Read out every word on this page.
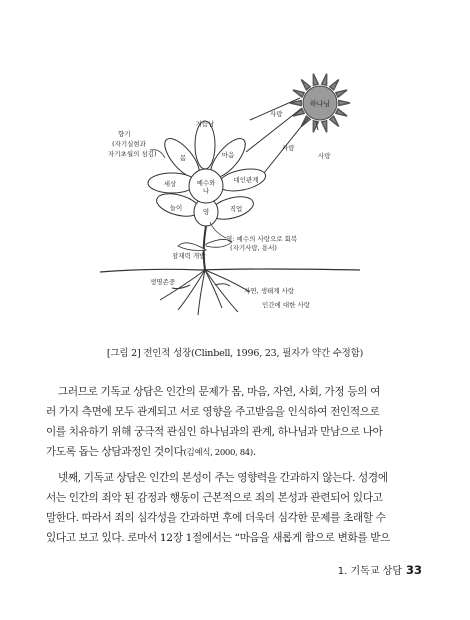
하나님
사랑
사랑
사랑
거듭남
마음
대인관계
직업
영
놀이
세상
몸
예수와 나
향기
(자기실현과
자기초월의 섬김)
영: 예수의 사랑으로 회복
(자기사랑, 용서)
잠재력 개발
생명존중
자연, 생태계 사랑
인간에 대한 사랑
[그림 2] 전인적 성장(Clinbell, 1996, 23, 필자가 약간 수정함)
그러므로 기독교 상담은 인간의 문제가 몸, 마음, 자연, 사회, 가정 등의 여
러 가지 측면에 모두 관계되고 서로 영향을 주고받음을 인식하여 전인적으로
이를 치유하기 위해 궁극적 관심인 하나님과의 관계, 하나님과 만남으로 나아
가도록 돕는 상담과정인 것이다(김예식, 2000, 84).
넷째, 기독교 상담은 인간의 본성이 주는 영향력을 간과하지 않는다. 성경에
서는 인간의 죄악 된 감정과 행동이 근본적으로 죄의 본성과 관련되어 있다고
말한다. 따라서 죄의 심각성을 간과하면 후에 더욱더 심각한 문제를 초래할 수
있다고 보고 있다. 로마서 12장 1절에서는 “마음을 새롭게 함으로 변화를 받으
1. 기독교 상담 33
